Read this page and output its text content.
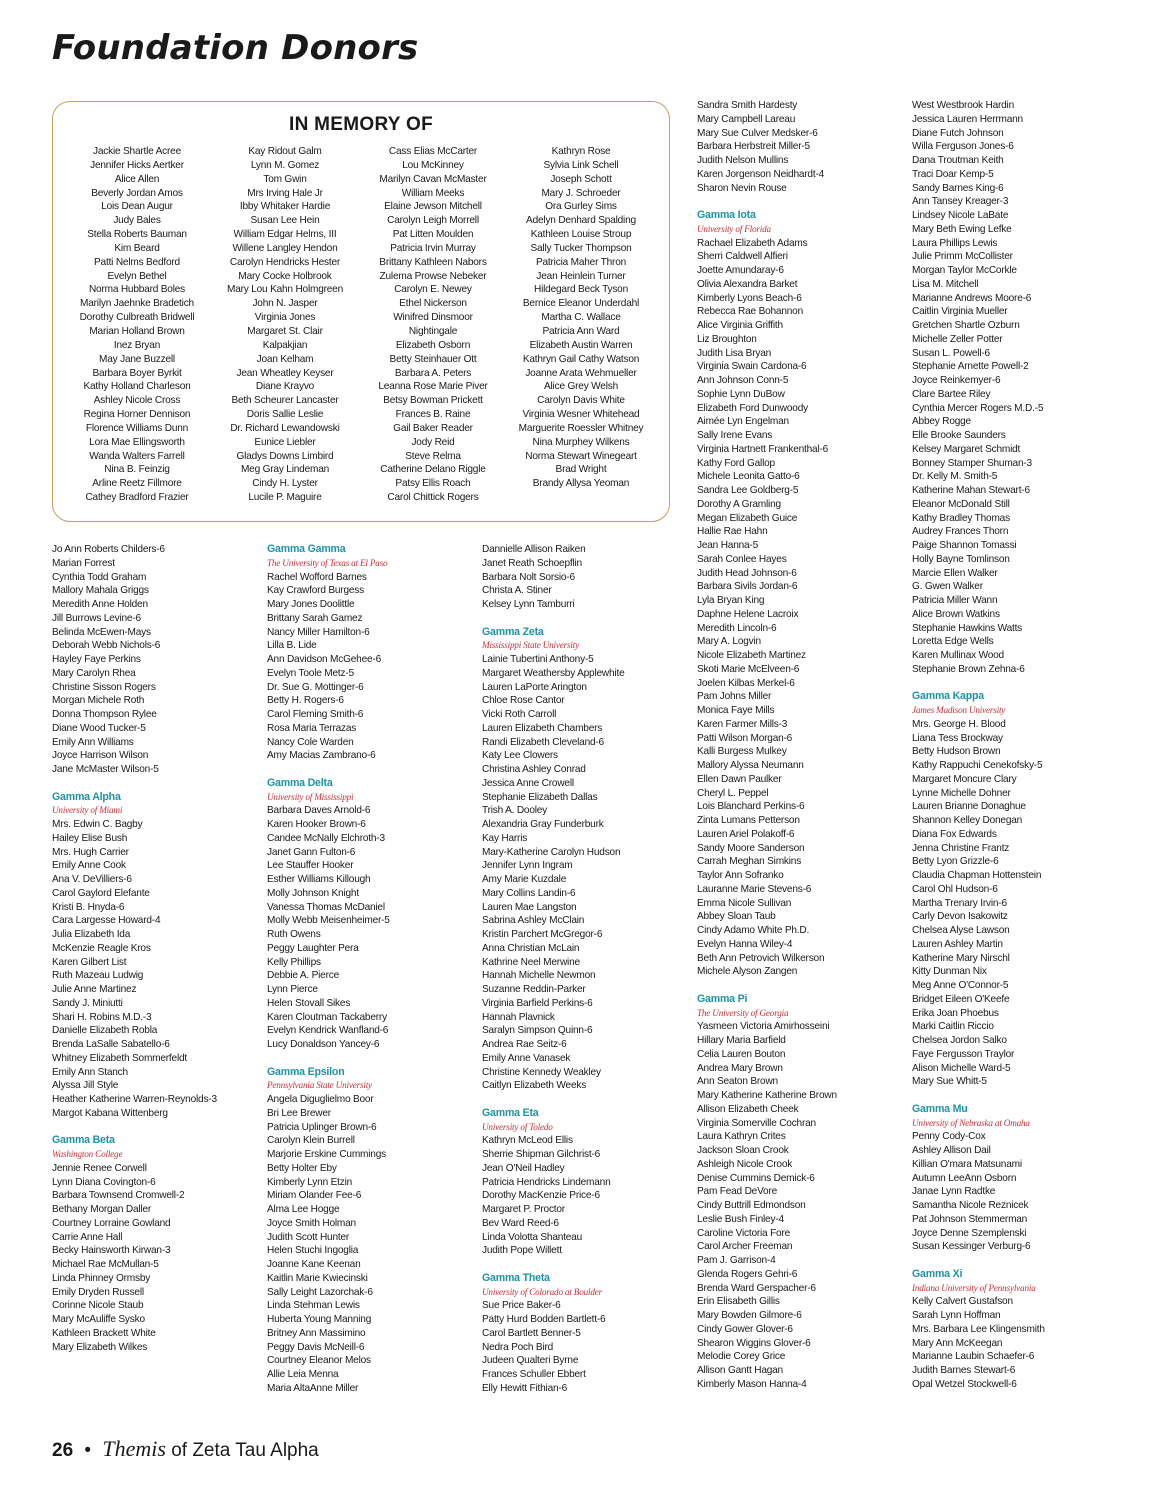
Foundation Donors
IN MEMORY OF
Jackie Shartle Acree
Jennifer Hicks Aertker
Alice Allen
Beverly Jordan Amos
Lois Dean Augur
Judy Bales
Stella Roberts Bauman
Kim Beard
Patti Nelms Bedford
Evelyn Bethel
Norma Hubbard Boles
Marilyn Jaehnke Bradetich
Dorothy Culbreath Bridwell
Marian Holland Brown
Inez Bryan
May Jane Buzzell
Barbara Boyer Byrkit
Kathy Holland Charleson
Ashley Nicole Cross
Regina Horner Dennison
Florence Williams Dunn
Lora Mae Ellingsworth
Wanda Walters Farrell
Nina B. Feinzig
Arline Reetz Fillmore
Cathey Bradford Frazier
Kay Ridout Galm
Lynn M. Gomez
Tom Gwin
Mrs Irving Hale Jr
Ibby Whitaker Hardie
Susan Lee Hein
William Edgar Helms, III
Willene Langley Hendon
Carolyn Hendricks Hester
Mary Cocke Holbrook
Mary Lou Kahn Holmgreen
John N. Jasper
Virginia Jones
Margaret St. Clair
Kalpakjian
Joan Kelham
Jean Wheatley Keyser
Diane Krayvo
Beth Scheurer Lancaster
Doris Sallie Leslie
Dr. Richard Lewandowski
Eunice Liebler
Gladys Downs Limbird
Meg Gray Lindeman
Cindy H. Lyster
Lucile P. Maguire
Cass Elias McCarter
Lou McKinney
Marilyn Cavan McMaster
William Meeks
Elaine Jewson Mitchell
Carolyn Leigh Morrell
Pat Litten Moulden
Patricia Irvin Murray
Brittany Kathleen Nabors
Zulema Prowse Nebeker
Carolyn E. Newey
Ethel Nickerson
Winifred Dinsmoor
Nightingale
Elizabeth Osborn
Betty Steinhauer Ott
Barbara A. Peters
Leanna Rose Marie Piver
Betsy Bowman Prickett
Frances B. Raine
Gail Baker Reader
Jody Reid
Steve Relma
Catherine Delano Riggle
Patsy Ellis Roach
Carol Chittick Rogers
Kathryn Rose
Sylvia Link Schell
Joseph Schott
Mary J. Schroeder
Ora Gurley Sims
Adelyn Denhard Spalding
Kathleen Louise Stroup
Sally Tucker Thompson
Patricia Maher Thron
Jean Heinlein Turner
Hildegard Beck Tyson
Bernice Eleanor Underdahl
Martha C. Wallace
Patricia Ann Ward
Elizabeth Austin Warren
Kathryn Gail Cathy Watson
Joanne Arata Wehmueller
Alice Grey Welsh
Carolyn Davis White
Virginia Wesner Whitehead
Marguerite Roessler Whitney
Nina Murphey Wilkens
Norma Stewart Winegeart
Brad Wright
Brandy Allysa Yeoman
Jo Ann Roberts Childers-6
Marian Forrest
Cynthia Todd Graham
Mallory Mahala Griggs
Meredith Anne Holden
Jill Burrows Levine-6
Belinda McEwen-Mays
Deborah Webb Nichols-6
Hayley Faye Perkins
Mary Carolyn Rhea
Christine Sisson Rogers
Morgan Michele Roth
Donna Thompson Rylee
Diane Wood Tucker-5
Emily Ann Williams
Joyce Harrison Wilson
Jane McMaster Wilson-5
Gamma Alpha
University of Miami
Mrs. Edwin C. Bagby
Hailey Elise Bush
Mrs. Hugh Carrier
Emily Anne Cook
Ana V. DeVilliers-6
Carol Gaylord Elefante
Kristi B. Hnyda-6
Cara Largesse Howard-4
Julia Elizabeth Ida
McKenzie Reagle Kros
Karen Gilbert List
Ruth Mazeau Ludwig
Julie Anne Martinez
Sandy J. Miniutti
Shari H. Robins M.D.-3
Danielle Elizabeth Robla
Brenda LaSalle Sabatello-6
Whitney Elizabeth Sommerfeldt
Emily Ann Stanch
Alyssa Jill Style
Heather Katherine Warren-Reynolds-3
Margot Kabana Wittenberg
Gamma Beta
Washington College
Jennie Renee Corwell
Lynn Diana Covington-6
Barbara Townsend Cromwell-2
Bethany Morgan Daller
Courtney Lorraine Gowland
Carrie Anne Hall
Becky Hainsworth Kirwan-3
Michael Rae McMullan-5
Linda Phinney Ormsby
Emily Dryden Russell
Corinne Nicole Staub
Mary McAuliffe Sysko
Kathleen Brackett White
Mary Elizabeth Wilkes
Gamma Gamma
The University of Texas at El Paso
Rachel Wofford Barnes
Kay Crawford Burgess
Mary Jones Doolittle
Brittany Sarah Gamez
Nancy Miller Hamilton-6
Lilla B. Lide
Ann Davidson McGehee-6
Evelyn Toole Metz-5
Dr. Sue G. Mottinger-6
Betty H. Rogers-6
Carol Fleming Smith-6
Rosa Maria Terrazas
Nancy Cole Warden
Amy Macias Zambrano-6
Gamma Delta
University of Mississippi
Barbara Daves Arnold-6
Karen Hooker Brown-6
Candee McNally Elchroth-3
Janet Gann Fulton-6
Lee Stauffer Hooker
Esther Williams Killough
Molly Johnson Knight
Vanessa Thomas McDaniel
Molly Webb Meisenheimer-5
Ruth Owens
Peggy Laughter Pera
Kelly Phillips
Debbie A. Pierce
Lynn Pierce
Helen Stovall Sikes
Karen Cloutman Tackaberry
Evelyn Kendrick Wanfland-6
Lucy Donaldson Yancey-6
Gamma Epsilon
Pennsylvania State University
Angela Diguglielmo Boor
Bri Lee Brewer
Patricia Uplinger Brown-6
Carolyn Klein Burrell
Marjorie Erskine Cummings
Betty Holter Eby
Kimberly Lynn Etzin
Miriam Olander Fee-6
Alma Lee Hogge
Joyce Smith Holman
Judith Scott Hunter
Helen Stuchi Ingoglia
Joanne Kane Keenan
Kaitlin Marie Kwiecinski
Sally Leight Lazorchak-6
Linda Stehman Lewis
Huberta Young Manning
Britney Ann Massimino
Peggy Davis McNeill-6
Courtney Eleanor Melos
Allie Leia Menna
Maria AltaAnne Miller
Dannielle Allison Raiken
Janet Reath Schoepflin
Barbara Nolt Sorsio-6
Christa A. Stiner
Kelsey Lynn Tamburri
Gamma Zeta
Mississippi State University
Lainie Tubertini Anthony-5
Margaret Weathersby Applewhite
Lauren LaPorte Arington
Chloe Rose Cantor
Vicki Roth Carroll
Lauren Elizabeth Chambers
Randi Elizabeth Cleveland-6
Katy Lee Clowers
Christina Ashley Conrad
Jessica Anne Crowell
Stephanie Elizabeth Dallas
Trish A. Dooley
Alexandria Gray Funderburk
Kay Harris
Mary-Katherine Carolyn Hudson
Jennifer Lynn Ingram
Amy Marie Kuzdale
Mary Collins Landin-6
Lauren Mae Langston
Sabrina Ashley McClain
Kristin Parchert McGregor-6
Anna Christian McLain
Kathrine Neel Merwine
Hannah Michelle Newmon
Suzanne Reddin-Parker
Virginia Barfield Perkins-6
Hannah Plavnick
Saralyn Simpson Quinn-6
Andrea Rae Seitz-6
Emily Anne Vanasek
Christine Kennedy Weakley
Caitlyn Elizabeth Weeks
Gamma Eta
University of Toledo
Kathryn McLeod Ellis
Sherrie Shipman Gilchrist-6
Jean O'Neil Hadley
Patricia Hendricks Lindemann
Dorothy MacKenzie Price-6
Margaret P. Proctor
Bev Ward Reed-6
Linda Volotta Shanteau
Judith Pope Willett
Gamma Theta
University of Colorado at Boulder
Sue Price Baker-6
Patty Hurd Bodden Bartlett-6
Carol Bartlett Benner-5
Nedra Poch Bird
Judeen Qualteri Byrne
Frances Schuller Ebbert
Elly Hewitt Fithian-6
Sandra Smith Hardesty
Mary Campbell Lareau
Mary Sue Culver Medsker-6
Barbara Herbstreit Miller-5
Judith Nelson Mullins
Karen Jorgenson Neidhardt-4
Sharon Nevin Rouse
Gamma Iota
University of Florida
Rachael Elizabeth Adams
Sherri Caldwell Alfieri
Joette Amundaray-6
Olivia Alexandra Barket
Kimberly Lyons Beach-6
Rebecca Rae Bohannon
Alice Virginia Griffith
Liz Broughton
Judith Lisa Bryan
Virginia Swain Cardona-6
Ann Johnson Conn-5
Sophie Lynn DuBow
Elizabeth Ford Dunwoody
Aimée Lyn Engelman
Sally Irene Evans
Virginia Hartnett Frankenthal-6
Kathy Ford Gallop
Michele Leonita Gatto-6
Sandra Lee Goldberg-5
Dorothy A Gramling
Megan Elizabeth Guice
Hallie Rae Hahn
Jean Hanna-5
Sarah Conlee Hayes
Judith Head Johnson-6
Barbara Sivils Jordan-6
Lyla Bryan King
Daphne Helene Lacroix
Meredith Lincoln-6
Mary A. Logvin
Nicole Elizabeth Martinez
Skoti Marie McElveen-6
Joelen Kilbas Merkel-6
Pam Johns Miller
Monica Faye Mills
Karen Farmer Mills-3
Patti Wilson Morgan-6
Kalli Burgess Mulkey
Mallory Alyssa Neumann
Ellen Dawn Paulker
Cheryl L. Peppel
Lois Blanchard Perkins-6
Zinta Lumans Petterson
Lauren Ariel Polakoff-6
Sandy Moore Sanderson
Carrah Meghan Simkins
Taylor Ann Sofranko
Lauranne Marie Stevens-6
Emma Nicole Sullivan
Abbey Sloan Taub
Cindy Adamo White Ph.D.
Evelyn Hanna Wiley-4
Beth Ann Petrovich Wilkerson
Michele Alyson Zangen
Gamma Pi
The University of Georgia
Yasmeen Victoria Amirhosseini
Hillary Maria Barfield
Celia Lauren Bouton
Andrea Mary Brown
Ann Seaton Brown
Mary Katherine Katherine Brown
Allison Elizabeth Cheek
Virginia Somerville Cochran
Laura Kathryn Crites
Jackson Sloan Crook
Ashleigh Nicole Crook
Denise Cummins Demick-6
Pam Fead DeVore
Cindy Buttrill Edmondson
Leslie Bush Finley-4
Caroline Victoria Fore
Carol Archer Freeman
Pam J. Garrison-4
Glenda Rogers Gehri-6
Brenda Ward Gerspacher-6
Erin Elisabeth Gillis
Mary Bowden Gilmore-6
Cindy Gower Glover-6
Shearon Wiggins Glover-6
Melodie Corey Grice
Allison Gantt Hagan
Kimberly Mason Hanna-4
West Westbrook Hardin
Jessica Lauren Herrmann
Diane Futch Johnson
Willa Ferguson Jones-6
Dana Troutman Keith
Traci Doar Kemp-5
Sandy Barnes King-6
Ann Tansey Kreager-3
Lindsey Nicole LaBate
Mary Beth Ewing Lefke
Laura Phillips Lewis
Julie Primm McCollister
Morgan Taylor McCorkle
Lisa M. Mitchell
Marianne Andrews Moore-6
Caitlin Virginia Mueller
Gretchen Shartle Ozburn
Michelle Zeller Potter
Susan L. Powell-6
Stephanie Arnette Powell-2
Joyce Reinkemyer-6
Clare Bartee Riley
Cynthia Mercer Rogers M.D.-5
Abbey Rogge
Elle Brooke Saunders
Kelsey Margaret Schmidt
Bonney Stamper Shuman-3
Dr. Kelly M. Smith-5
Katherine Mahan Stewart-6
Eleanor McDonald Still
Kathy Bradley Thomas
Audrey Frances Thorn
Paige Shannon Tomassi
Holly Bayne Tomlinson
Marcie Ellen Walker
G. Gwen Walker
Patricia Miller Wann
Alice Brown Watkins
Stephanie Hawkins Watts
Loretta Edge Wells
Karen Mullinax Wood
Stephanie Brown Zehna-6
Gamma Kappa
James Madison University
Mrs. George H. Blood
Liana Tess Brockway
Betty Hudson Brown
Kathy Rappuchi Cenekofsky-5
Margaret Moncure Clary
Lynne Michelle Dohner
Lauren Brianne Donaghue
Shannon Kelley Donegan
Diana Fox Edwards
Jenna Christine Frantz
Betty Lyon Grizzle-6
Claudia Chapman Hottenstein
Carol Ohl Hudson-6
Martha Trenary Irvin-6
Carly Devon Isakowitz
Chelsea Alyse Lawson
Lauren Ashley Martin
Katherine Mary Nirschl
Kitty Dunman Nix
Meg Anne O'Connor-5
Bridget Eileen O'Keefe
Erika Joan Phoebus
Marki Caitlin Riccio
Chelsea Jordon Salko
Faye Fergusson Traylor
Alison Michelle Ward-5
Mary Sue Whitt-5
Gamma Mu
University of Nebraska at Omaha
Penny Cody-Cox
Ashley Allison Dail
Killian O'mara Matsunami
Autumn LeeAnn Osborn
Janae Lynn Radtke
Samantha Nicole Reznicek
Pat Johnson Stemmerman
Joyce Denne Szemplenski
Susan Kessinger Verburg-6
Gamma Xi
Indiana University of Pennsylvania
Kelly Calvert Gustafson
Sarah Lynn Hoffman
Mrs. Barbara Lee Klingensmith
Mary Ann McKeegan
Marianne Laubin Schaefer-6
Judith Barnes Stewart-6
Opal Wetzel Stockwell-6
26 • Themis of Zeta Tau Alpha
